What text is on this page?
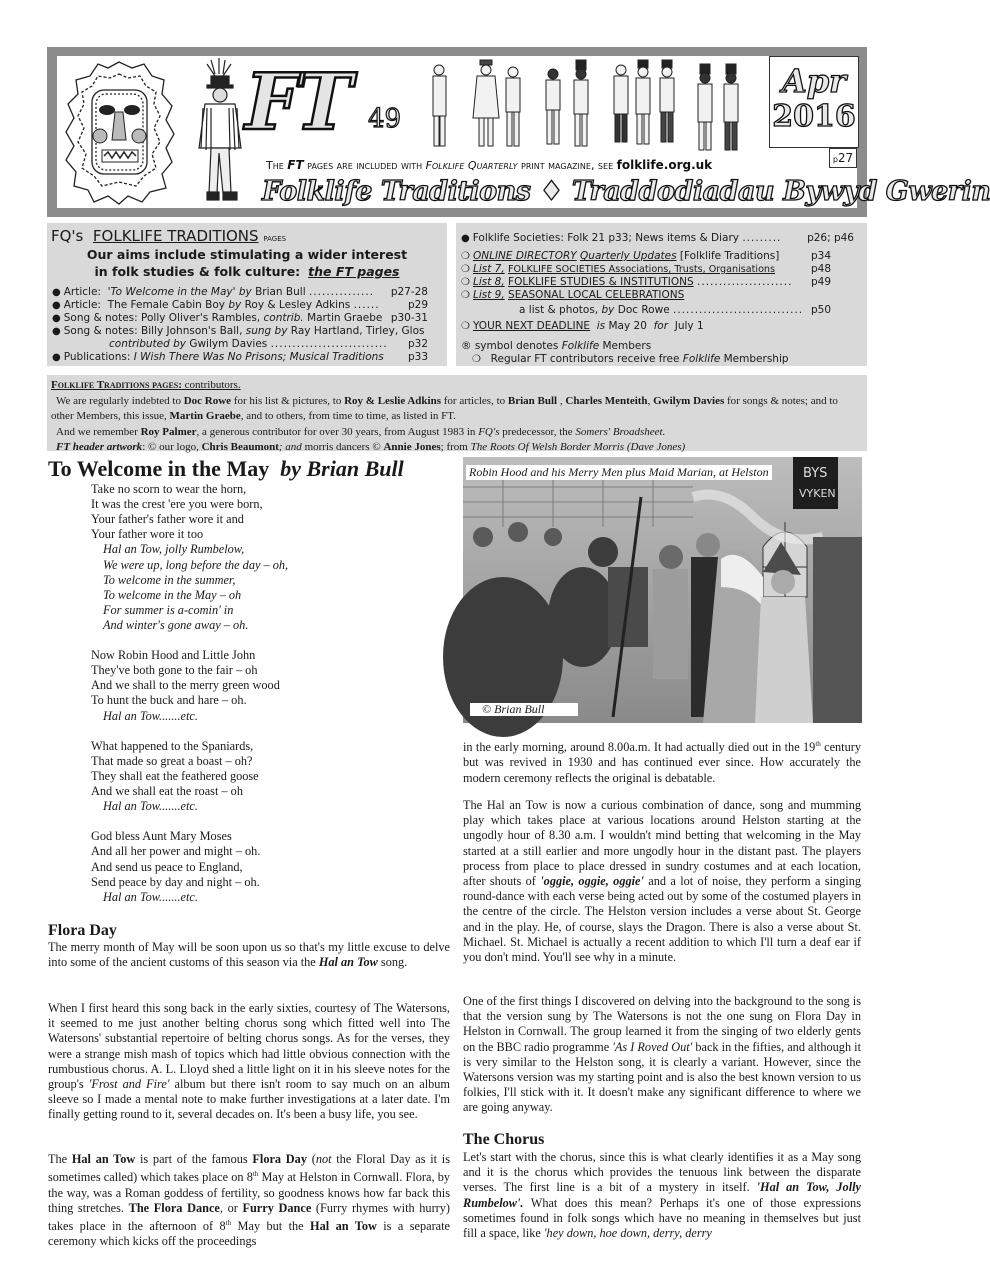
FT 49
Apr
2016
p27
The FT pages are included with Folklife Quarterly print magazine, see folklife.org.uk
Folklife Traditions ♦ Traddodiadau Bywyd Gwerin
FQ's FOLKLIFE TRADITIONS pages
Our aims include stimulating a wider interest
in folk studies & folk culture: the FT pages
● Article: 'To Welcome in the May' by Brian Bull ............... p27-28
● Article: The Female Cabin Boy by Roy & Lesley Adkins ......	p29
● Song & notes: Polly Oliver's Rambles, contrib. Martin Graebe p30-31
● Song & notes: Billy Johnson's Ball, sung by Ray Hartland, Tirley, Glos
contributed by Gwilym Davies ........................... p32
● Publications: I Wish There Was No Prisons; Musical Traditions p33
● Folklife Societies: Folk 21 p33; News items & Diary ......... p26; p46
❍ ONLINE DIRECTORY Quarterly Updates [Folklife Traditions]	p34
❍ List 7, FOLKLIFE SOCIETIES Associations, Trusts, Organisations	p48
❍ List 8, FOLKLIFE STUDIES & INSTITUTIONS ...................... p49
❍ List 9, SEASONAL LOCAL CELEBRATIONS
a list & photos, by Doc Rowe .............................. p50
❍ YOUR NEXT DEADLINE is May 20 for July 1
® symbol denotes Folklife Members
❍ Regular FT contributors receive free Folklife Membership
Folklife Traditions pages: contributors.
We are regularly indebted to Doc Rowe for his list & pictures, to Roy & Leslie Adkins for articles, to Brian Bull , Charles Menteith, Gwilym Davies for songs & notes; and to other Members, this issue, Martin Graebe, and to others, from time to time, as listed in FT.
And we remember Roy Palmer, a generous contributor for over 30 years, from August 1983 in FQ's predecessor, the Somers' Broadsheet.
FT header artwork: © our logo, Chris Beaumont; and morris dancers © Annie Jones; from The Roots Of Welsh Border Morris (Dave Jones)
To Welcome in the May by Brian Bull
Take no scorn to wear the horn,
It was the crest 'ere you were born,
Your father's father wore it and
Your father wore it too
Hal an Tow, jolly Rumbelow,
We were up, long before the day – oh,
To welcome in the summer,
To welcome in the May – oh
For summer is a-comin' in
And winter's gone away – oh.
Now Robin Hood and Little John
They've both gone to the fair – oh
And we shall to the merry green wood
To hunt the buck and hare – oh.
Hal an Tow.......etc.
What happened to the Spaniards,
That made so great a boast – oh?
They shall eat the feathered goose
And we shall eat the roast – oh
Hal an Tow.......etc.
God bless Aunt Mary Moses
And all her power and might – oh.
And send us peace to England,
Send peace by day and night – oh.
Hal an Tow.......etc.
Flora Day
The merry month of May will be soon upon us so that's my little excuse to delve into some of the ancient customs of this season via the Hal an Tow song.
When I first heard this song back in the early sixties, courtesy of The Watersons, it seemed to me just another belting chorus song which fitted well into The Watersons' substantial repertoire of belting chorus songs. As for the verses, they were a strange mish mash of topics which had little obvious connection with the rumbustious chorus. A. L. Lloyd shed a little light on it in his sleeve notes for the group's 'Frost and Fire' album but there isn't room to say much on an album sleeve so I made a mental note to make further investigations at a later date. I'm finally getting round to it, several decades on. It's been a busy life, you see.
The Hal an Tow is part of the famous Flora Day (not the Floral Day as it is sometimes called) which takes place on 8th May at Helston in Cornwall. Flora, by the way, was a Roman goddess of fertility, so goodness knows how far back this thing stretches. The Flora Dance, or Furry Dance (Furry rhymes with hurry) takes place in the afternoon of 8th May but the Hal an Tow is a separate ceremony which kicks off the proceedings
BYS
VYKEN
Robin Hood and his Merry Men plus Maid Marian, at Helston
© Brian Bull
in the early morning, around 8.00a.m. It had actually died out in the 19th century but was revived in 1930 and has continued ever since. How accurately the modern ceremony reflects the original is debatable.
The Hal an Tow is now a curious combination of dance, song and mumming play which takes place at various locations around Helston starting at the ungodly hour of 8.30 a.m. I wouldn't mind betting that welcoming in the May started at a still earlier and more ungodly hour in the distant past. The players process from place to place dressed in sundry costumes and at each location, after shouts of 'oggie, oggie, oggie' and a lot of noise, they perform a singing round-dance with each verse being acted out by some of the costumed players in the centre of the circle. The Helston version includes a verse about St. George and in the play. He, of course, slays the Dragon. There is also a verse about St. Michael. St. Michael is actually a recent addition to which I'll turn a deaf ear if you don't mind. You'll see why in a minute.
One of the first things I discovered on delving into the background to the song is that the version sung by The Watersons is not the one sung on Flora Day in Helston in Cornwall. The group learned it from the singing of two elderly gents on the BBC radio programme 'As I Roved Out' back in the fifties, and although it is very similar to the Helston song, it is clearly a variant. However, since the Watersons version was my starting point and is also the best known version to us folkies, I'll stick with it. It doesn't make any significant difference to where we are going anyway.
The Chorus
Let's start with the chorus, since this is what clearly identifies it as a May song and it is the chorus which provides the tenuous link between the disparate verses. The first line is a bit of a mystery in itself. 'Hal an Tow, Jolly Rumbelow'. What does this mean? Perhaps it's one of those expressions sometimes found in folk songs which have no meaning in themselves but just fill a space, like 'hey down, hoe down, derry, derry
